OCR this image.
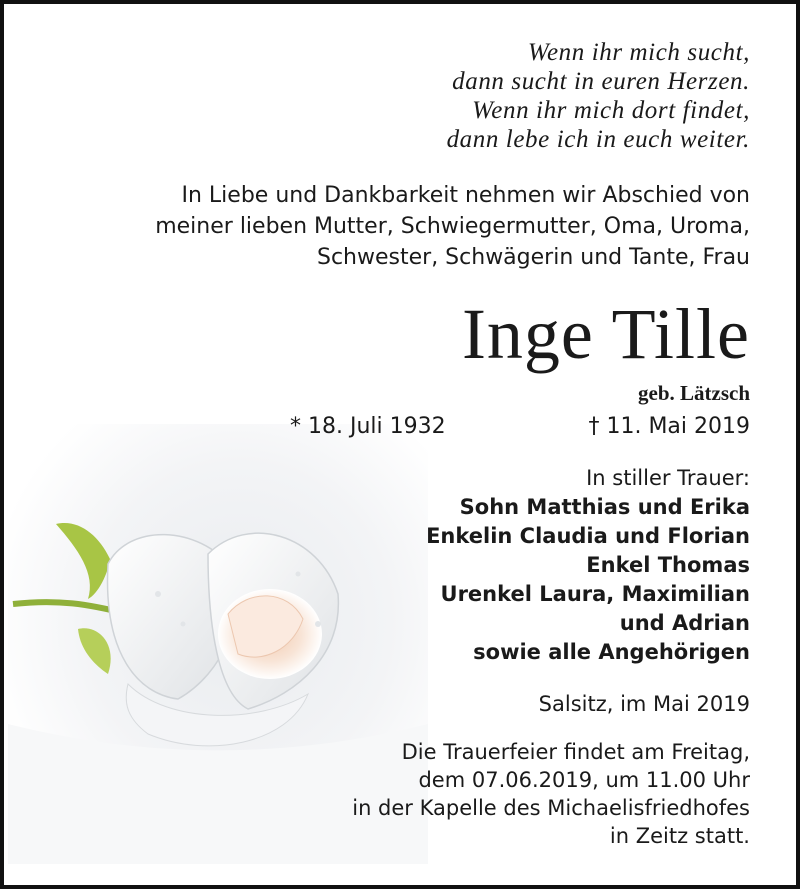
Wenn ihr mich sucht,
dann sucht in euren Herzen.
Wenn ihr mich dort findet,
dann lebe ich in euch weiter.
In Liebe und Dankbarkeit nehmen wir Abschied von
meiner lieben Mutter, Schwiegermutter, Oma, Uroma,
Schwester, Schwägerin und Tante, Frau
Inge Tille
geb. Lätzsch
* 18. Juli 1932	† 11. Mai 2019
In stiller Trauer:
Sohn Matthias und Erika
Enkelin Claudia und Florian
Enkel Thomas
Urenkel Laura, Maximilian
und Adrian
sowie alle Angehörigen
Salsitz, im Mai 2019
Die Trauerfeier findet am Freitag,
dem 07.06.2019, um 11.00 Uhr
in der Kapelle des Michaelisfriedhofes
in Zeitz statt.
